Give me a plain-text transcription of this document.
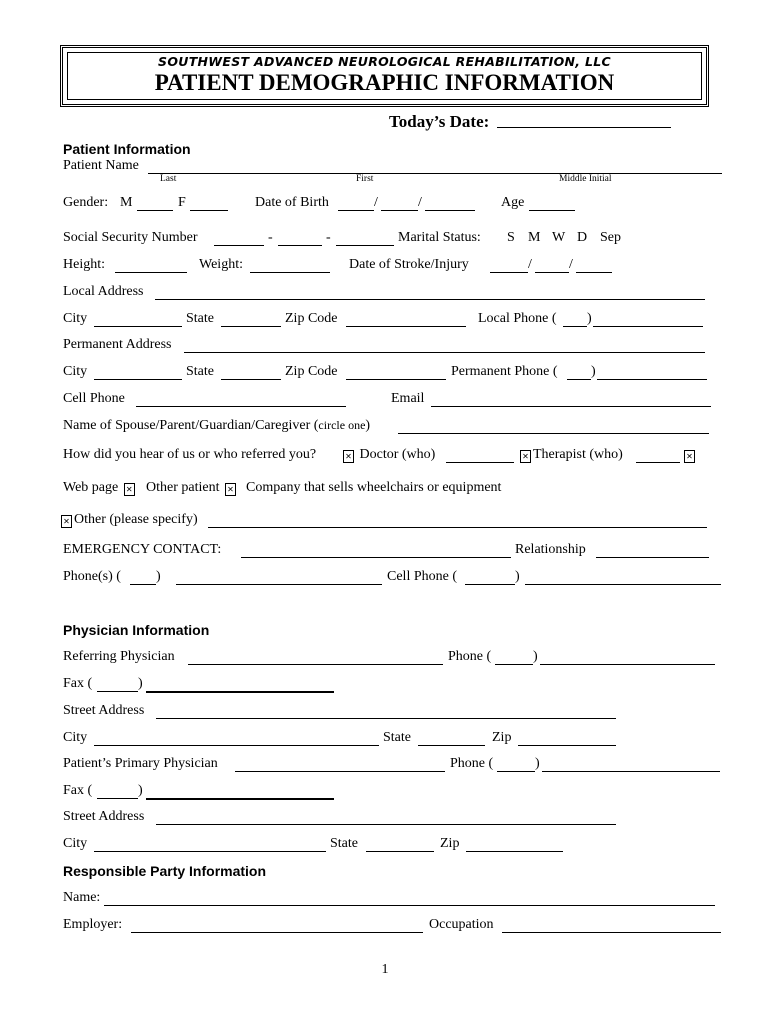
SOUTHWEST ADVANCED NEUROLOGICAL REHABILITATION, LLC
PATIENT DEMOGRAPHIC INFORMATION
Today’s Date:
Patient Information
Patient Name
Last	First	Middle Initial
Gender: M	F	Date of Birth	/	/	Age
Social Security Number	-	-	Marital Status: S M W D Sep
Height:	Weight:	Date of Stroke/Injury	/	/
Local Address
City	State	Zip Code	Local Phone ( )
Permanent Address
City	State	Zip Code	Permanent Phone ( )
Cell Phone	Email
Name of Spouse/Parent/Guardian/Caregiver (circle one)
How did you hear of us or who referred you?	✕ Doctor (who)	✕ Therapist (who)	✕
Web page ✕ Other patient ✕ Company that sells wheelchairs or equipment
✕ Other (please specify)
EMERGENCY CONTACT:	Relationship
Phone(s) (	)	Cell Phone (	)
Physician Information
Referring Physician	Phone (	)
Fax (	)
Street Address
City	State	Zip
Patient’s Primary Physician	Phone (	)
Fax (	)
Street Address
City	State	Zip
Responsible Party Information
Name:
Employer:	Occupation
1
